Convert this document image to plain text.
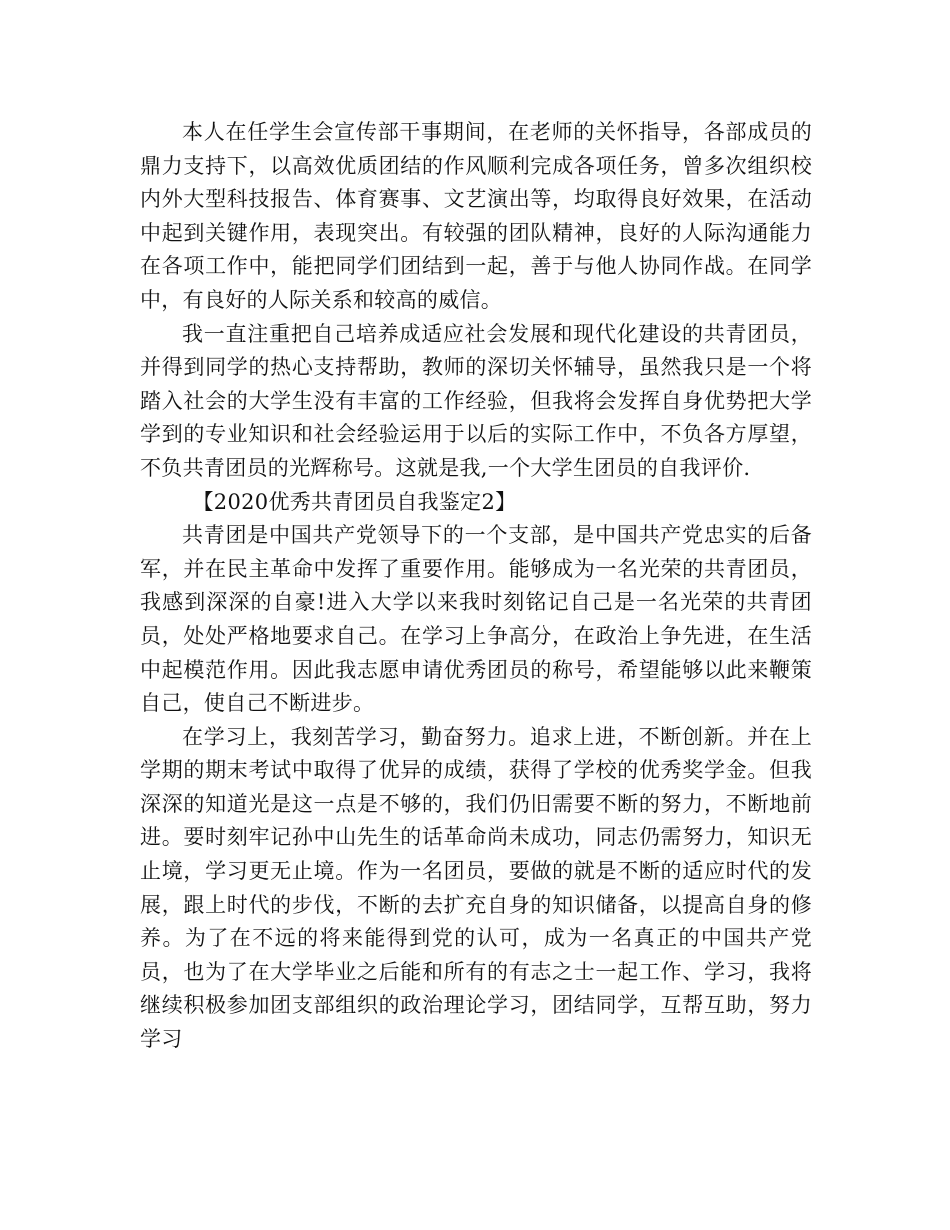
本人在任学生会宣传部干事期间，在老师的关怀指导，各部成员的鼎力支持下，以高效优质团结的作风顺利完成各项任务，曾多次组织校内外大型科技报告、体育赛事、文艺演出等，均取得良好效果，在活动中起到关键作用，表现突出。有较强的团队精神，良好的人际沟通能力在各项工作中，能把同学们团结到一起，善于与他人协同作战。在同学中，有良好的人际关系和较高的威信。

我一直注重把自己培养成适应社会发展和现代化建设的共青团员，并得到同学的热心支持帮助，教师的深切关怀辅导，虽然我只是一个将踏入社会的大学生没有丰富的工作经验，但我将会发挥自身优势把大学学到的专业知识和社会经验运用于以后的实际工作中，不负各方厚望，不负共青团员的光辉称号。这就是我,一个大学生团员的自我评价.

【2020优秀共青团员自我鉴定2】

共青团是中国共产党领导下的一个支部，是中国共产党忠实的后备军，并在民主革命中发挥了重要作用。能够成为一名光荣的共青团员，我感到深深的自豪!进入大学以来我时刻铭记自己是一名光荣的共青团员，处处严格地要求自己。在学习上争高分，在政治上争先进，在生活中起模范作用。因此我志愿申请优秀团员的称号，希望能够以此来鞭策自己，使自己不断进步。

在学习上，我刻苦学习，勤奋努力。追求上进，不断创新。并在上学期的期末考试中取得了优异的成绩，获得了学校的优秀奖学金。但我深深的知道光是这一点是不够的，我们仍旧需要不断的努力，不断地前进。要时刻牢记孙中山先生的话革命尚未成功，同志仍需努力，知识无止境，学习更无止境。作为一名团员，要做的就是不断的适应时代的发展，跟上时代的步伐，不断的去扩充自身的知识储备，以提高自身的修养。为了在不远的将来能得到党的认可，成为一名真正的中国共产党员，也为了在大学毕业之后能和所有的有志之士一起工作、学习，我将继续积极参加团支部组织的政治理论学习，团结同学，互帮互助，努力学习
